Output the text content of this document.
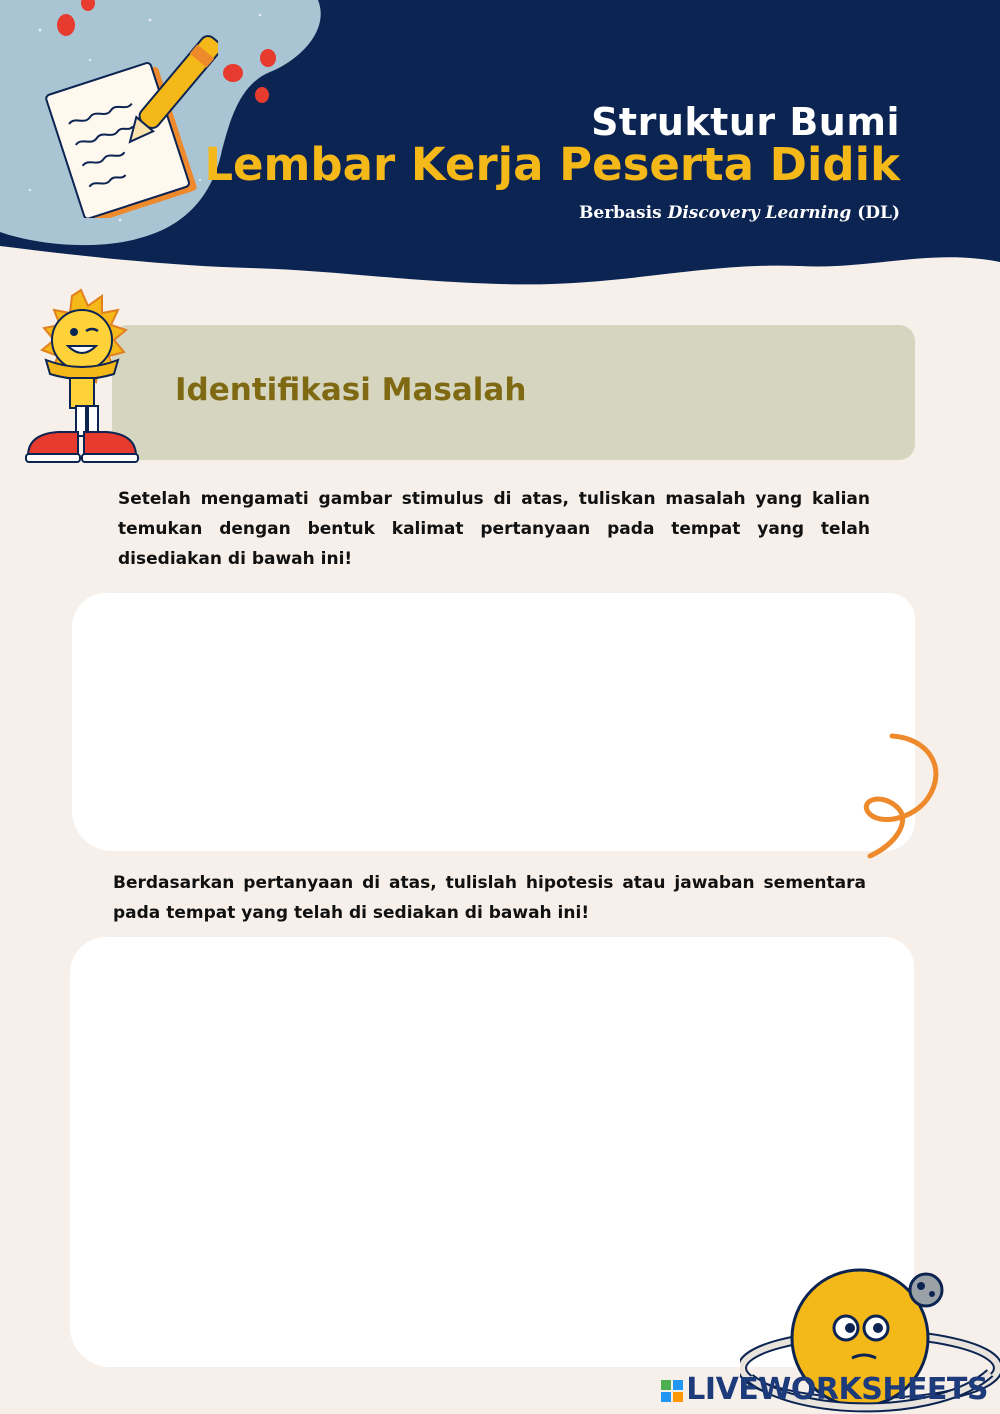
Struktur Bumi
Lembar Kerja Peserta Didik
Berbasis Discovery Learning (DL)
Identifikasi Masalah
Setelah mengamati gambar stimulus di atas, tuliskan masalah yang kalian temukan dengan bentuk kalimat pertanyaan pada tempat yang telah disediakan di bawah ini!
Berdasarkan pertanyaan di atas, tulislah hipotesis atau jawaban sementara pada tempat yang telah di sediakan di bawah ini!
LIVEWORKSHEETS
